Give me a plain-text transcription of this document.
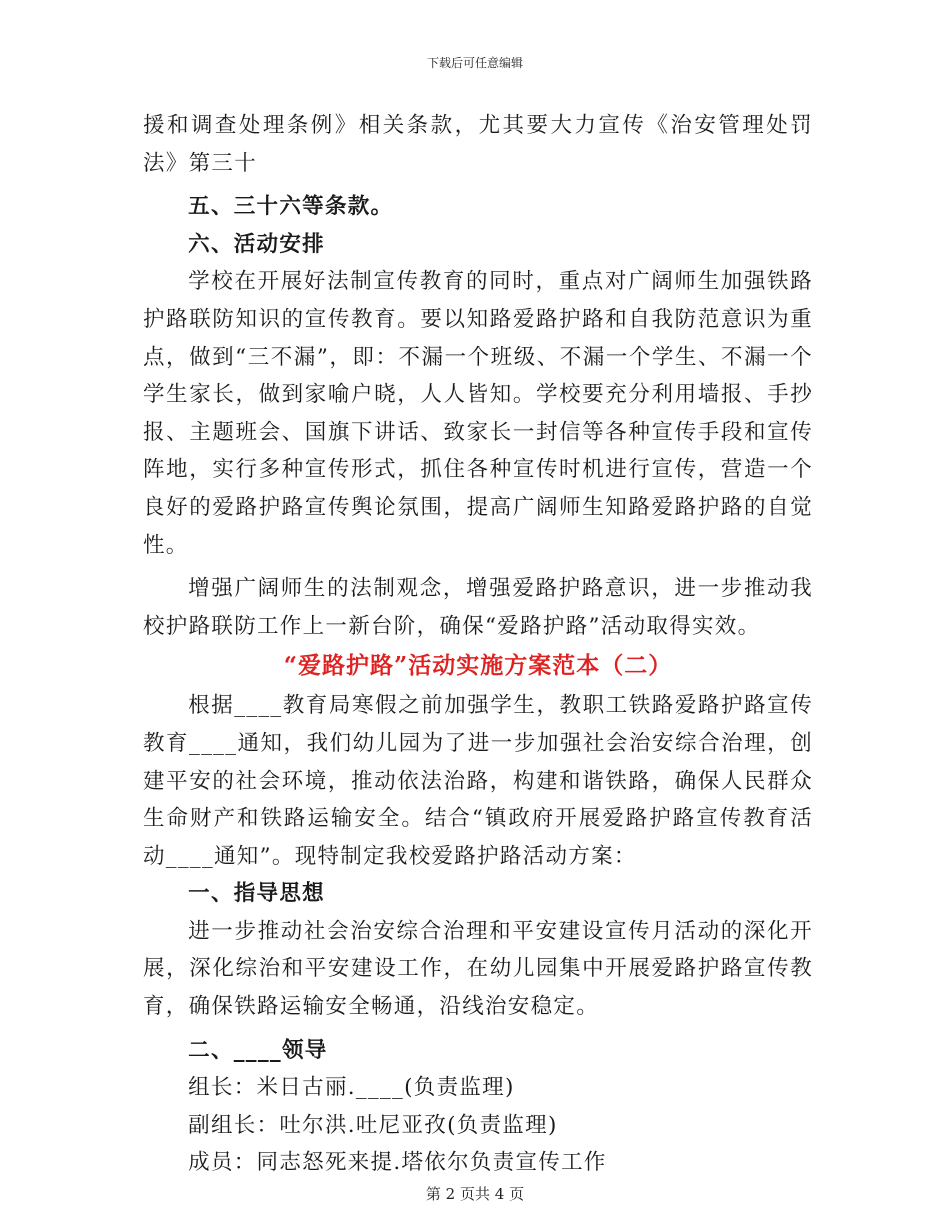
下载后可任意编辑

援和调查处理条例》相关条款，尤其要大力宣传《治安管理处罚法》第三十

五、三十六等条款。

六、活动安排

学校在开展好法制宣传教育的同时，重点对广阔师生加强铁路护路联防知识的宣传教育。要以知路爱路护路和自我防范意识为重点，做到“三不漏”，即：不漏一个班级、不漏一个学生、不漏一个学生家长，做到家喻户晓，人人皆知。学校要充分利用墙报、手抄报、主题班会、国旗下讲话、致家长一封信等各种宣传手段和宣传阵地，实行多种宣传形式，抓住各种宣传时机进行宣传，营造一个良好的爱路护路宣传舆论氛围，提高广阔师生知路爱路护路的自觉性。

增强广阔师生的法制观念，增强爱路护路意识，进一步推动我校护路联防工作上一新台阶，确保“爱路护路”活动取得实效。

“爱路护路”活动实施方案范本（二）

根据____教育局寒假之前加强学生，教职工铁路爱路护路宣传教育____通知，我们幼儿园为了进一步加强社会治安综合治理，创建平安的社会环境，推动依法治路，构建和谐铁路，确保人民群众生命财产和铁路运输安全。结合“镇政府开展爱路护路宣传教育活动____通知”。现特制定我校爱路护路活动方案：

一、指导思想

进一步推动社会治安综合治理和平安建设宣传月活动的深化开展，深化综治和平安建设工作，在幼儿园集中开展爱路护路宣传教育，确保铁路运输安全畅通，沿线治安稳定。

二、____领导

组长：米日古丽.____(负责监理)

副组长：吐尔洪.吐尼亚孜(负责监理)

成员：同志怒死来提.塔依尔负责宣传工作

第 2 页共 4 页
